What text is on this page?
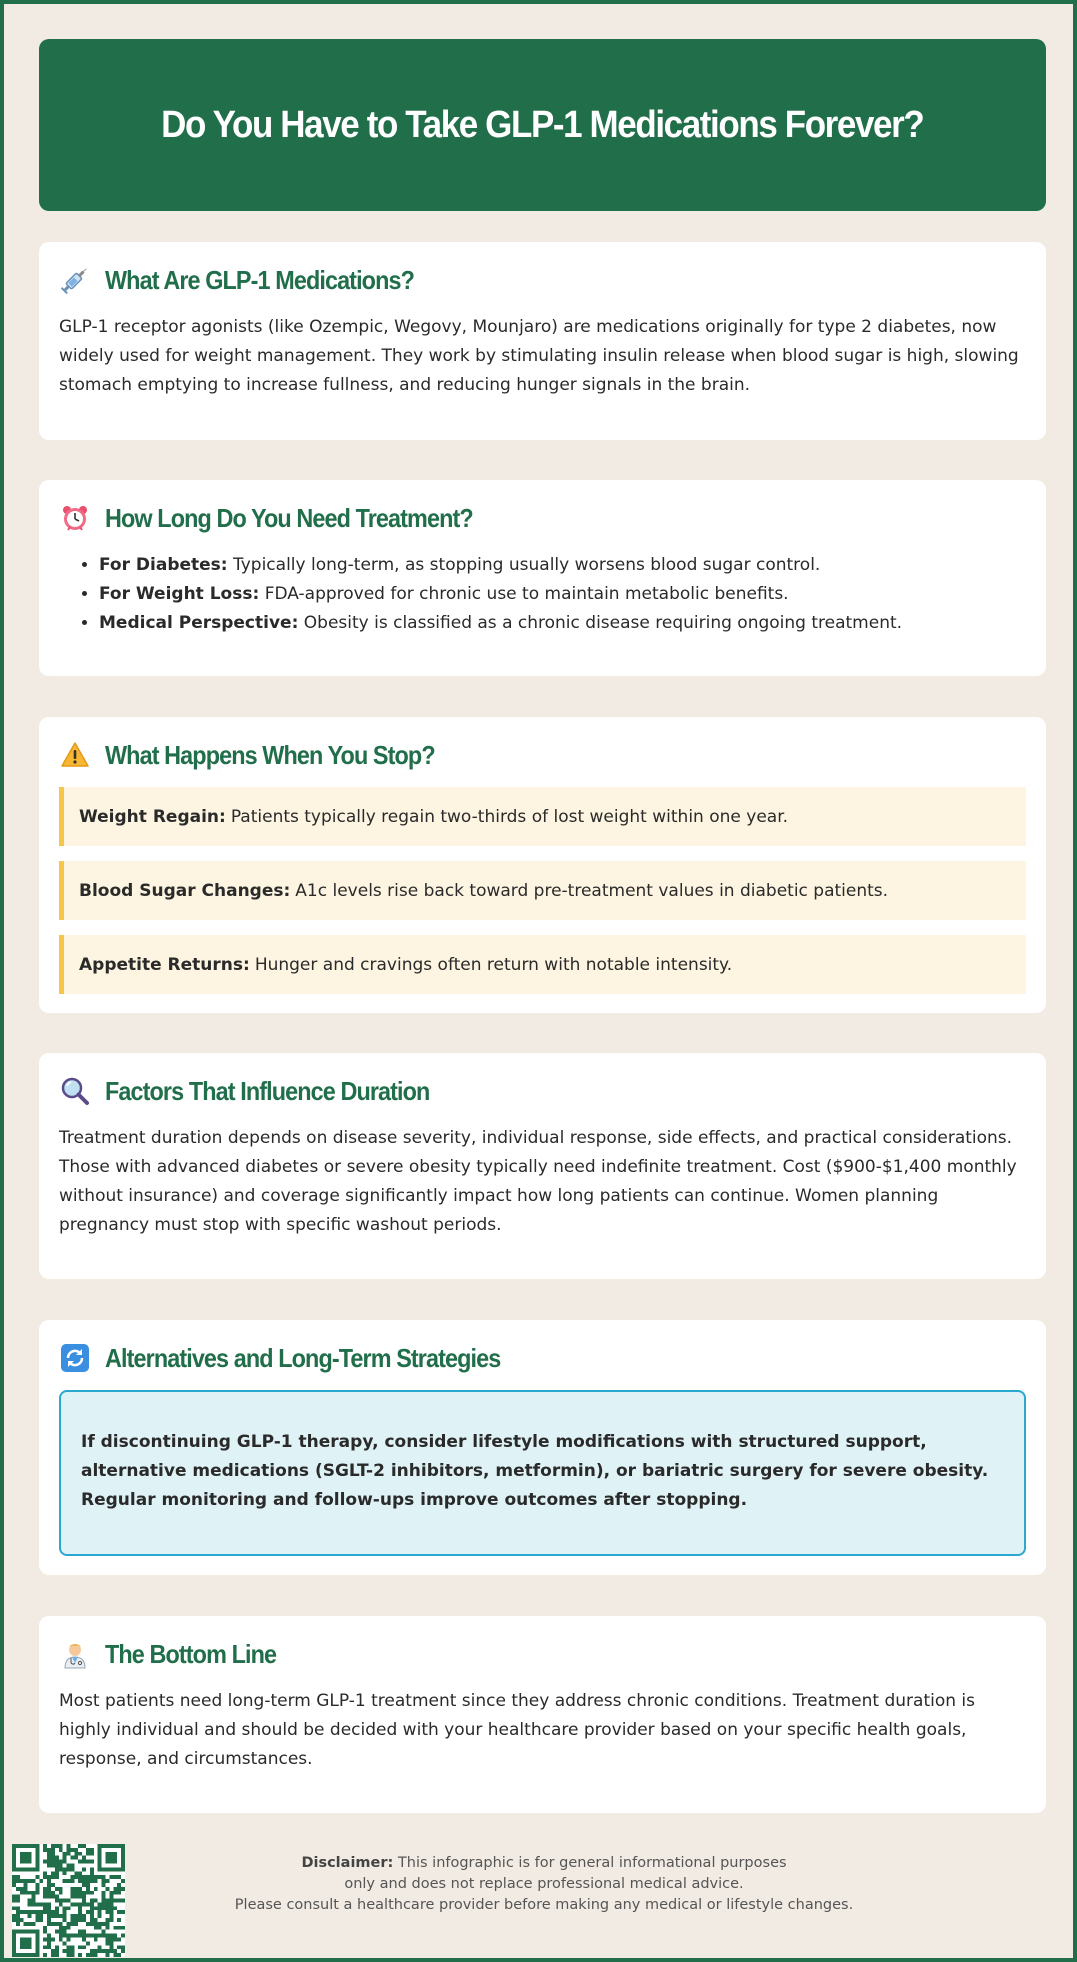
Do You Have to Take GLP-1 Medications Forever?
What Are GLP-1 Medications?

GLP-1 receptor agonists (like Ozempic, Wegovy, Mounjaro) are medications originally for type 2 diabetes, now widely used for weight management. They work by stimulating insulin release when blood sugar is high, slowing stomach emptying to increase fullness, and reducing hunger signals in the brain.

How Long Do You Need Treatment?
• For Diabetes: Typically long-term, as stopping usually worsens blood sugar control.
• For Weight Loss: FDA-approved for chronic use to maintain metabolic benefits.
• Medical Perspective: Obesity is classified as a chronic disease requiring ongoing treatment.
What Happens When You Stop?
Weight Regain: Patients typically regain two-thirds of lost weight within one year.
Blood Sugar Changes: A1c levels rise back toward pre-treatment values in diabetic patients.
Appetite Returns: Hunger and cravings often return with notable intensity.
Factors That Influence Duration

Treatment duration depends on disease severity, individual response, side effects, and practical considerations. Those with advanced diabetes or severe obesity typically need indefinite treatment. Cost ($900-$1,400 monthly without insurance) and coverage significantly impact how long patients can continue. Women planning pregnancy must stop with specific washout periods.

Alternatives and Long-Term Strategies
If discontinuing GLP-1 therapy, consider lifestyle modifications with structured support, alternative medications (SGLT-2 inhibitors, metformin), or bariatric surgery for severe obesity. Regular monitoring and follow-ups improve outcomes after stopping.
The Bottom Line

Most patients need long-term GLP-1 treatment since they address chronic conditions. Treatment duration is highly individual and should be decided with your healthcare provider based on your specific health goals, response, and circumstances.

Disclaimer: This infographic is for general informational purposes
only and does not replace professional medical advice.
Please consult a healthcare provider before making any medical or lifestyle changes.
